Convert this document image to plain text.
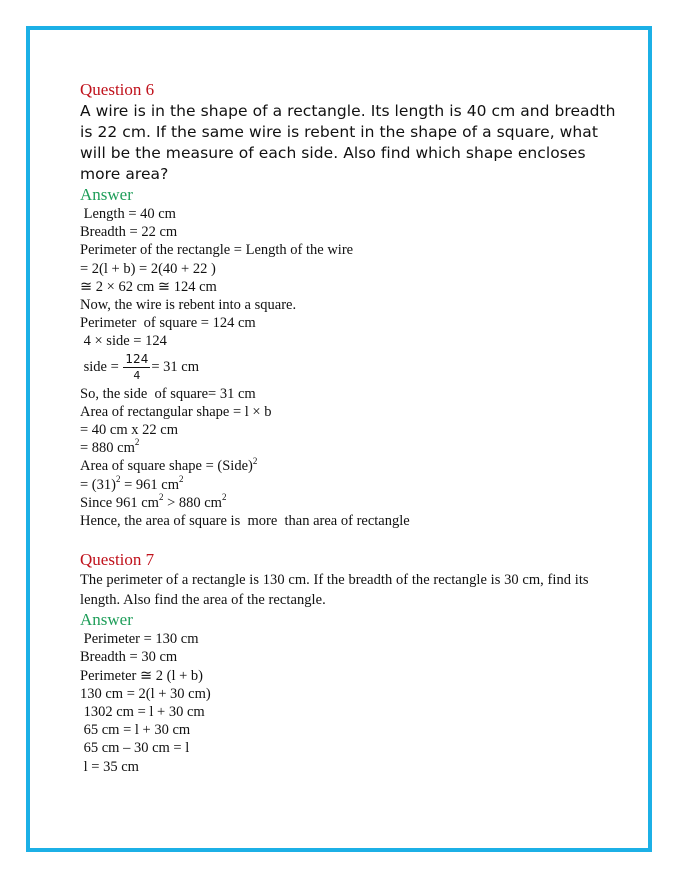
Question 6

A wire is in the shape of a rectangle. Its length is 40 cm and breadth is 22 cm. If the same wire is rebent in the shape of a square, what will be the measure of each side. Also find which shape encloses more area?

Answer

Length = 40 cm

Breadth = 22 cm

Perimeter of the rectangle = Length of the wire

= 2(l + b) = 2(40 + 22 )

≅ 2 × 62 cm ≅ 124 cm

Now, the wire is rebent into a square.

Perimeter  of square = 124 cm

4 × side = 124

side = $\frac{124}{4} = 31$ cm

So, the side  of square= 31 cm

Area of rectangular shape = l × b

= 40 cm x 22 cm

= 880 $cm^2$

Area of square shape = (Side)$^2$

= $(31)^2 = 961$ $cm^2$

Since 961 $cm^2 > 880$ $cm^2$

Hence, the area of square is  more  than area of rectangle

Question 7

The perimeter of a rectangle is 130 cm. If the breadth of the rectangle is 30 cm, find its length. Also find the area of the rectangle.

Answer

Perimeter = 130 cm

Breadth = 30 cm

Perimeter ≅ 2 (l + b)

130 cm = 2(l + 30 cm)

1302 cm = l + 30 cm

65 cm = l + 30 cm

65 cm – 30 cm = l

l = 35 cm
